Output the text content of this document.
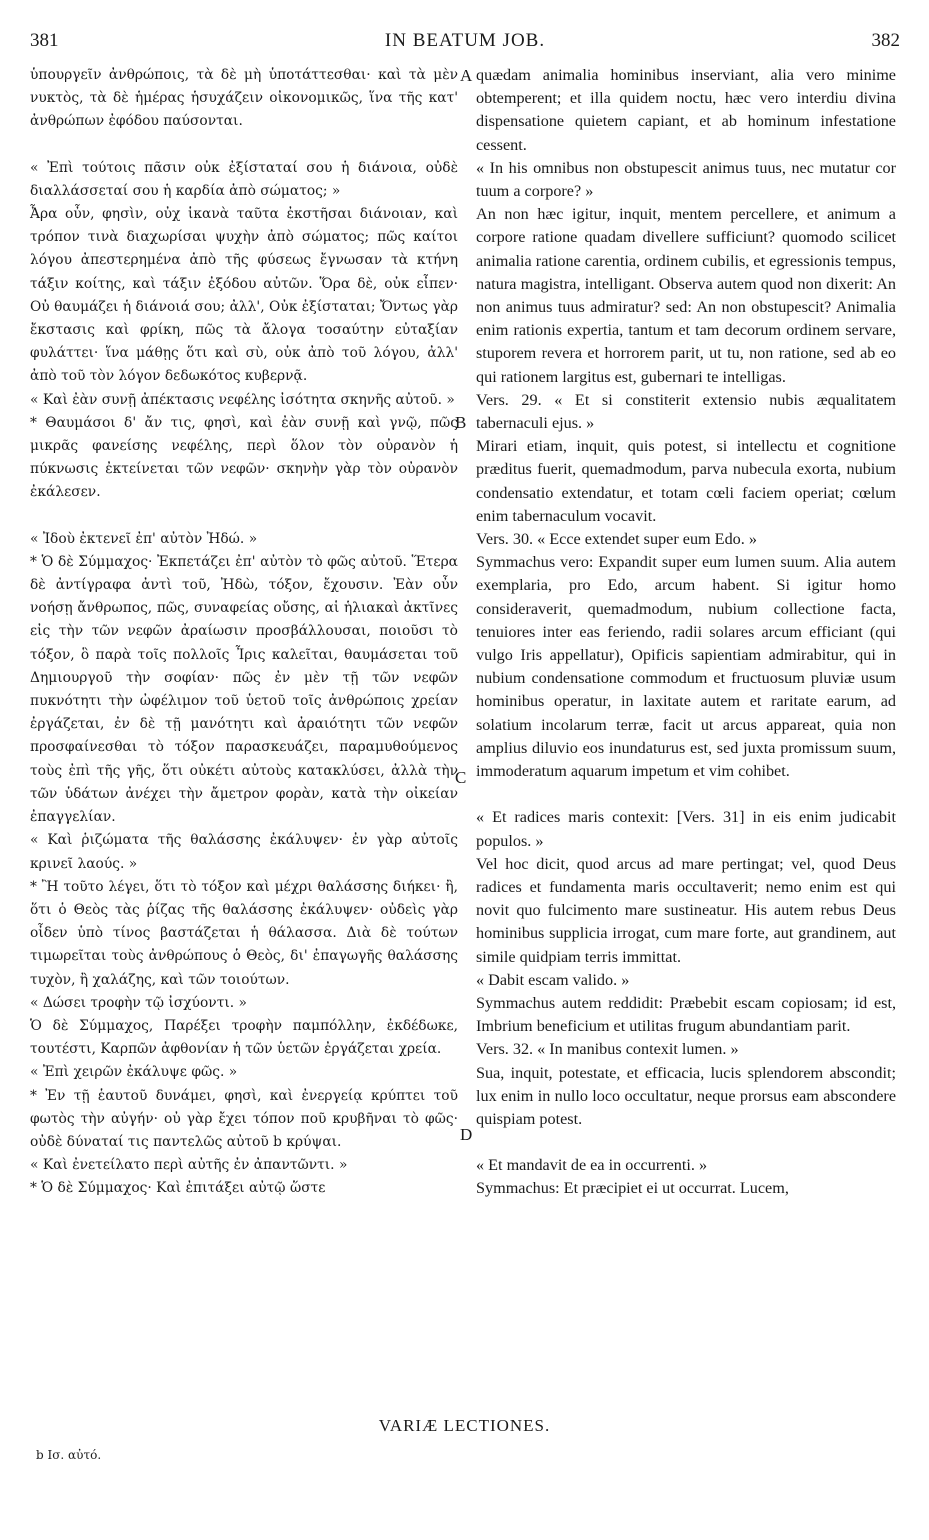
381	IN BEATUM JOB.	382

ὑπουργεῖν ἀνθρώποις, τὰ δὲ μὴ ὑποτάττεσθαι· καὶ τὰ μὲν νυκτὸς, τὰ δὲ ἡμέρας ἡσυχάζειν οἰκονομικῶς, ἵνα τῆς κατ' ἀνθρώπων ἐφόδου παύσονται.

« Ἐπὶ τούτοις πᾶσιν οὐκ ἐξίσταταί σου ἡ διάνοια, οὐδὲ διαλλάσσεταί σου ἡ καρδία ἀπὸ σώματος; »

Ἆρα οὖν, φησὶν, οὐχ ἱκανὰ ταῦτα ἐκστῆσαι διάνοιαν, καὶ τρόπον τινὰ διαχωρίσαι ψυχὴν ἀπὸ σώματος; πῶς καίτοι λόγου ἀπεστερημένα ἀπὸ τῆς φύσεως ἔγνωσαν τὰ κτήνη τάξιν κοίτης, καὶ τάξιν ἐξόδου αὐτῶν. Ὅρα δὲ, οὐκ εἶπεν· Οὐ θαυμάζει ἡ διάνοιά σου; ἀλλ', Οὐκ ἐξίσταται; Ὄντως γὰρ ἔκστασις καὶ φρίκη, πῶς τὰ ἄλογα τοσαύτην εὐταξίαν φυλάττει· ἵνα μάθῃς ὅτι καὶ σὺ, οὐκ ἀπὸ τοῦ λόγου, ἀλλ' ἀπὸ τοῦ τὸν λόγον δεδωκότος κυβερνᾷ.

« Καὶ ἐὰν συνῇ ἀπέκτασις νεφέλης ἰσότητα σκηνῆς αὐτοῦ. »

* Θαυμάσοι δ' ἄν τις, φησὶ, καὶ ἐὰν συνῇ καὶ γνῷ, πῶς μικρᾶς φανείσης νεφέλης, περὶ ὅλον τὸν οὐρανὸν ἡ πύκνωσις ἐκτείνεται τῶν νεφῶν· σκηνὴν γὰρ τὸν οὐρανὸν ἐκάλεσεν.

« Ἰδοὺ ἐκτενεῖ ἐπ' αὐτὸν Ἠδώ. »

* Ὁ δὲ Σύμμαχος· Ἐκπετάζει ἐπ' αὐτὸν τὸ φῶς αὐτοῦ. Ἕτερα δὲ ἀντίγραφα ἀντὶ τοῦ, Ἠδὼ, τόξον, ἔχουσιν. Ἐὰν οὖν νοήσῃ ἄνθρωπος, πῶς, συναφείας οὔσης, αἱ ἡλιακαὶ ἀκτῖνες εἰς τὴν τῶν νεφῶν ἀραίωσιν προσβάλλουσαι, ποιοῦσι τὸ τόξον, ὃ παρὰ τοῖς πολλοῖς Ἶρις καλεῖται, θαυμάσεται τοῦ Δημιουργοῦ τὴν σοφίαν· πῶς ἐν μὲν τῇ τῶν νεφῶν πυκνότητι τὴν ὠφέλιμον τοῦ ὑετοῦ τοῖς ἀνθρώποις χρείαν ἐργάζεται, ἐν δὲ τῇ μανότητι καὶ ἀραιότητι τῶν νεφῶν προσφαίνεσθαι τὸ τόξον παρασκευάζει, παραμυθούμενος τοὺς ἐπὶ τῆς γῆς, ὅτι οὐκέτι αὐτοὺς κατακλύσει, ἀλλὰ τὴν τῶν ὑδάτων ἀνέχει τὴν ἄμετρον φορὰν, κατὰ τὴν οἰκείαν ἐπαγγελίαν.

« Καὶ ῥιζώματα τῆς θαλάσσης ἐκάλυψεν· ἐν γὰρ αὐτοῖς κρινεῖ λαούς. »

* Ἢ τοῦτο λέγει, ὅτι τὸ τόξον καὶ μέχρι θαλάσσης διήκει· ἢ, ὅτι ὁ Θεὸς τὰς ῥίζας τῆς θαλάσσης ἐκάλυψεν· οὐδεὶς γὰρ οἶδεν ὑπὸ τίνος βαστάζεται ἡ θάλασσα. Διὰ δὲ τούτων τιμωρεῖται τοὺς ἀνθρώπους ὁ Θεὸς, δι' ἐπαγωγῆς θαλάσσης τυχὸν, ἢ χαλάζης, καὶ τῶν τοιούτων.

« Δώσει τροφὴν τῷ ἰσχύοντι. »

Ὁ δὲ Σύμμαχος, Παρέξει τροφὴν παμπόλλην, ἐκδέδωκε, τουτέστι, Καρπῶν ἀφθονίαν ἡ τῶν ὑετῶν ἐργάζεται χρεία.

« Ἐπὶ χειρῶν ἐκάλυψε φῶς. »

* Ἐν τῇ ἑαυτοῦ δυνάμει, φησὶ, καὶ ἐνεργείᾳ κρύπτει τοῦ φωτὸς τὴν αὐγήν· οὐ γὰρ ἔχει τόπον ποῦ κρυβῆναι τὸ φῶς· οὐδὲ δύναταί τις παντελῶς αὐτοῦ b κρύψαι.

« Καὶ ἐνετείλατο περὶ αὐτῆς ἐν ἀπαντῶντι. »

* Ὁ δὲ Σύμμαχος· Καὶ ἐπιτάξει αὐτῷ ὥστε

quædam animalia hominibus inserviant, alia vero minime obtemperent; et illa quidem noctu, hæc vero interdiu divina dispensatione quietem capiant, et ab hominum infestatione cessent.

« In his omnibus non obstupescit animus tuus, nec mutatur cor tuum a corpore? »

An non hæc igitur, inquit, mentem percellere, et animum a corpore ratione quadam divellere sufficiunt? quomodo scilicet animalia ratione carentia, ordinem cubilis, et egressionis tempus, natura magistra, intelligant. Observa autem quod non dixerit: An non animus tuus admiratur? sed: An non obstupescit? Animalia enim rationis expertia, tantum et tam decorum ordinem servare, stuporem revera et horrorem parit, ut tu, non ratione, sed ab eo qui rationem largitus est, gubernari te intelligas.

Vers. 29. « Et si constiterit extensio nubis æqualitatem tabernaculi ejus. »

Mirari etiam, inquit, quis potest, si intellectu et cognitione præditus fuerit, quemadmodum, parva nubecula exorta, nubium condensatio extendatur, et totam cœli faciem operiat; cœlum enim tabernaculum vocavit.

Vers. 30. « Ecce extendet super eum Edo. »

Symmachus vero: Expandit super eum lumen suum. Alia autem exemplaria, pro Edo, arcum habent. Si igitur homo consideraverit, quemadmodum, nubium collectione facta, tenuiores inter eas feriendo, radii solares arcum efficiant (qui vulgo Iris appellatur), Opificis sapientiam admirabitur, qui in nubium condensatione commodum et fructuosum pluviæ usum hominibus operatur, in laxitate autem et raritate earum, ad solatium incolarum terræ, facit ut arcus appareat, quia non amplius diluvio eos inundaturus est, sed juxta promissum suum, immoderatum aquarum impetum et vim cohibet.

« Et radices maris contexit: [Vers. 31] in eis enim judicabit populos. »

Vel hoc dicit, quod arcus ad mare pertingat; vel, quod Deus radices et fundamenta maris occultaverit; nemo enim est qui novit quo fulcimento mare sustineatur. His autem rebus Deus hominibus supplicia irrogat, cum mare forte, aut grandinem, aut simile quidpiam terris immittat.

« Dabit escam valido. »

Symmachus autem reddidit: Præbebit escam copiosam; id est, Imbrium beneficium et utilitas frugum abundantiam parit.

Vers. 32. « In manibus contexit lumen. »

Sua, inquit, potestate, et efficacia, lucis splendorem abscondit; lux enim in nullo loco occultatur, neque prorsus eam abscondere quispiam potest.

« Et mandavit de ea in occurrenti. »

Symmachus: Et præcipiet ei ut occurrat. Lucem,

A
B
C
D
VARIÆ LECTIONES.
b Ισ. αὐτό.
